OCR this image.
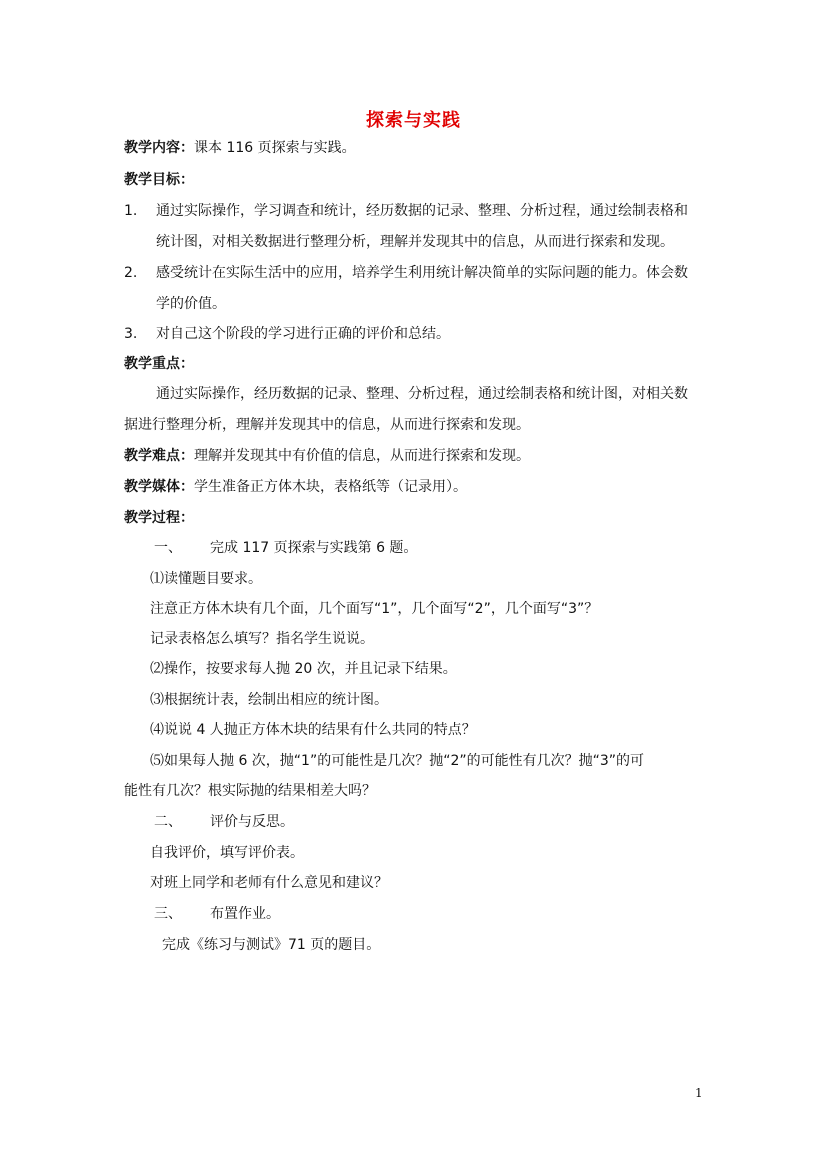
探索与实践
教学内容：课本 116 页探索与实践。
教学目标：
1. 通过实际操作，学习调查和统计，经历数据的记录、整理、分析过程，通过绘制表格和
统计图，对相关数据进行整理分析，理解并发现其中的信息，从而进行探索和发现。
2. 感受统计在实际生活中的应用，培养学生利用统计解决简单的实际问题的能力。体会数
学的价值。
3. 对自己这个阶段的学习进行正确的评价和总结。
教学重点：
通过实际操作，经历数据的记录、整理、分析过程，通过绘制表格和统计图，对相关数
据进行整理分析，理解并发现其中的信息，从而进行探索和发现。
教学难点：理解并发现其中有价值的信息，从而进行探索和发现。
教学媒体：学生准备正方体木块，表格纸等（记录用）。
教学过程：
一、 完成 117 页探索与实践第 6 题。
⑴读懂题目要求。
注意正方体木块有几个面，几个面写“1”，几个面写“2”，几个面写“3”？
记录表格怎么填写？指名学生说说。
⑵操作，按要求每人抛 20 次，并且记录下结果。
⑶根据统计表，绘制出相应的统计图。
⑷说说 4 人抛正方体木块的结果有什么共同的特点？
⑸如果每人抛 6 次，抛“1”的可能性是几次？抛“2”的可能性有几次？抛“3”的可
能性有几次？根实际抛的结果相差大吗？
二、 评价与反思。
自我评价，填写评价表。
对班上同学和老师有什么意见和建议？
三、 布置作业。
完成《练习与测试》71 页的题目。
1
